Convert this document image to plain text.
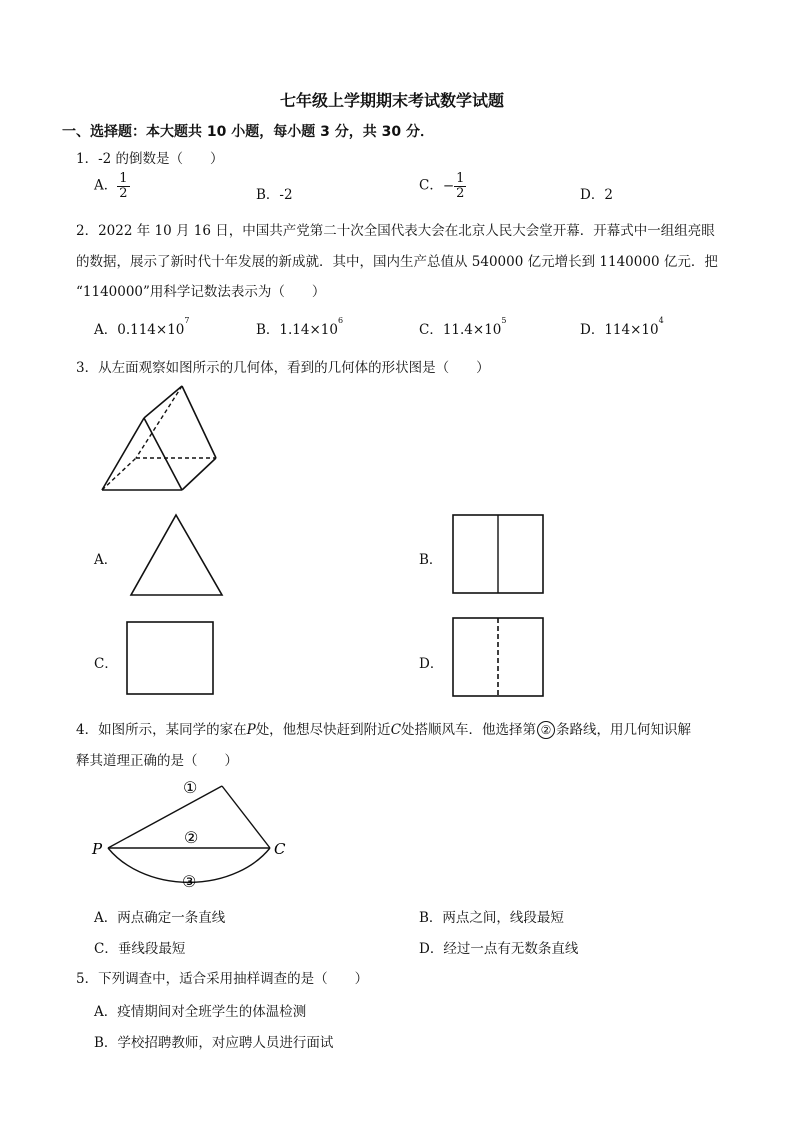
七年级上学期期末考试数学试题
一、选择题：本大题共 10 小题，每小题 3 分，共 30 分．
1．-2 的倒数是（　　）
A． $\frac{1}{2}$	B．-2
C．− $\frac{1}{2}$	D．2
2．2022 年 10 月 16 日，中国共产党第二十次全国代表大会在北京人民大会堂开幕．开幕式中一组组亮眼
的数据，展示了新时代十年发展的新成就．其中，国内生产总值从 540000 亿元增长到 1140000 亿元．把
“1140000”用科学记数法表示为（　　）
A．$0.114\times 10^7$
B．$1.14\times 10^6$
C．$11.4\times 10^5$
D．$114\times 10^4$
3．从左面观察如图所示的几何体，看到的几何体的形状图是（　　）
A．	B．
C．	D．
4．如图所示，某同学的家在P处，他想尽快赶到附近C处搭顺风车．他选择第 ② 条路线，用几何知识解
释其道理正确的是（　　）
P	C
①
②
③
A．两点确定一条直线	B．两点之间，线段最短
C．垂线段最短	D．经过一点有无数条直线
5．下列调查中，适合采用抽样调查的是（　　）
A．疫情期间对全班学生的体温检测
B．学校招聘教师，对应聘人员进行面试
